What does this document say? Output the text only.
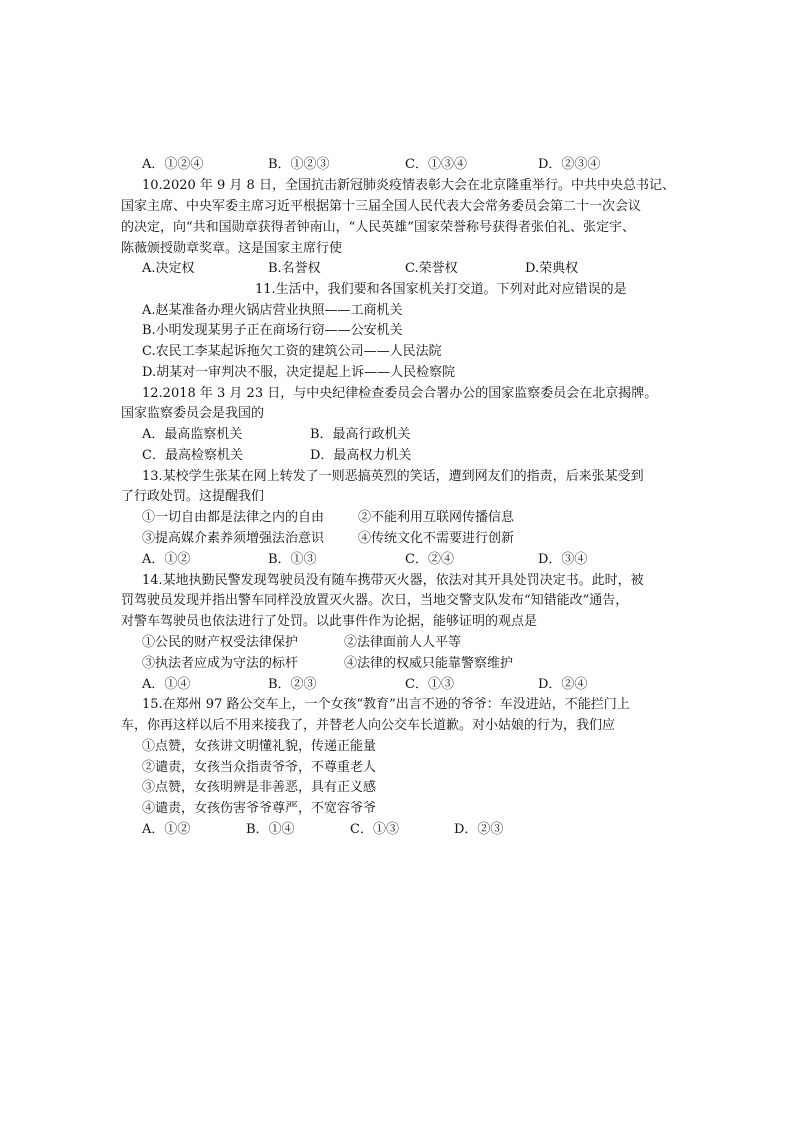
A．①②④	B．①②③	C．①③④	D．②③④
10.2020 年 9 月 8 日，全国抗击新冠肺炎疫情表彰大会在北京隆重举行。中共中央总书记、
国家主席、中央军委主席习近平根据第十三届全国人民代表大会常务委员会第二十一次会议
的决定，向“共和国勋章获得者钟南山，“人民英雄”国家荣誉称号获得者张伯礼、张定宇、
陈薇颁授勋章奖章。这是国家主席行使
A.决定权	B.名誉权	C.荣誉权	D.荣典权
11.生活中，我们要和各国家机关打交道。下列对此对应错误的是
A.赵某准备办理火锅店营业执照——工商机关
B.小明发现某男子正在商场行窃——公安机关
C.农民工李某起诉拖欠工资的建筑公司——人民法院
D.胡某对一审判决不服，决定提起上诉——人民检察院
12.2018 年 3 月 23 日，与中央纪律检查委员会合署办公的国家监察委员会在北京揭牌。
国家监察委员会是我国的
A．最高监察机关	B．最高行政机关
C．最高检察机关	D．最高权力机关
13.某校学生张某在网上转发了一则恶搞英烈的笑话，遭到网友们的指责，后来张某受到
了行政处罚。这提醒我们
①一切自由都是法律之内的自由	②不能利用互联网传播信息
③提高媒介素养须增强法治意识	④传统文化不需要进行创新
A．①②	B．①③	C．②④	D．③④
14.某地执勤民警发现驾驶员没有随车携带灭火器，依法对其开具处罚决定书。此时，被
罚驾驶员发现并指出警车同样没放置灭火器。次日，当地交警支队发布“知错能改”通告，
对警车驾驶员也依法进行了处罚。以此事件作为论据，能够证明的观点是
①公民的财产权受法律保护	②法律面前人人平等
③执法者应成为守法的标杆	④法律的权威只能靠警察维护
A．①④	B．②③	C．①③	D．②④
15.在郑州 97 路公交车上，一个女孩“教育”出言不逊的爷爷：车没进站，不能拦门上
车，你再这样以后不用来接我了，并替老人向公交车长道歉。对小姑娘的行为，我们应
①点赞，女孩讲文明懂礼貌，传递正能量
②谴责，女孩当众指责爷爷，不尊重老人
③点赞，女孩明辨是非善恶，具有正义感
④谴责，女孩伤害爷爷尊严，不宽容爷爷
A．①②	B．①④	C．①③	D．②③
